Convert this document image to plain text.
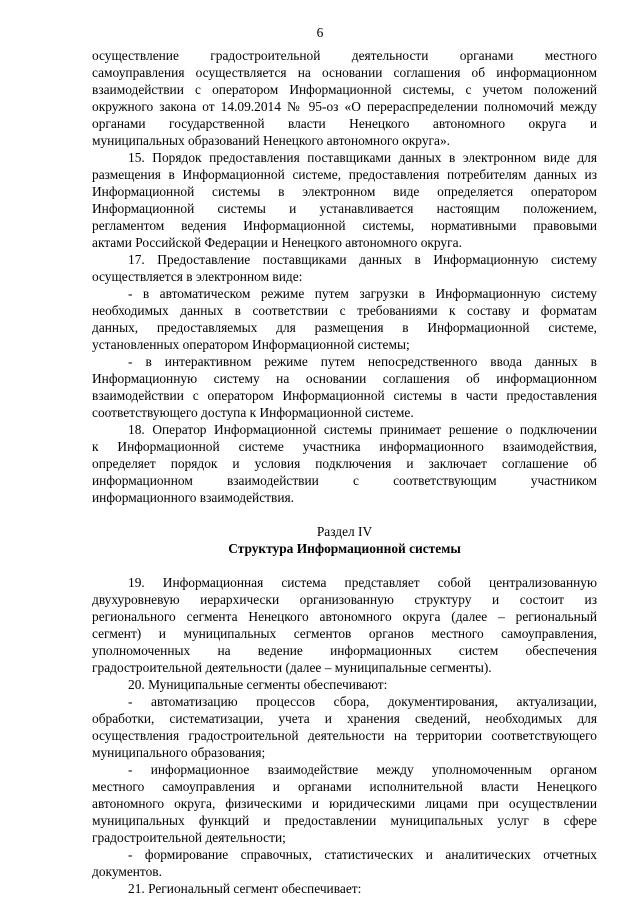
6

осуществление градостроительной деятельности органами местного

самоуправления осуществляется на основании соглашения об информационном

взаимодействии с оператором Информационной системы, с учетом положений

окружного закона от 14.09.2014 № 95-оз «О перераспределении полномочий между

органами государственной власти Ненецкого автономного округа и

муниципальных образований Ненецкого автономного округа».

15. Порядок предоставления поставщиками данных в электронном виде для

размещения в Информационной системе, предоставления потребителям данных из

Информационной системы в электронном виде определяется оператором

Информационной системы и устанавливается настоящим положением,

регламентом ведения Информационной системы, нормативными правовыми

актами Российской Федерации и Ненецкого автономного округа.

17. Предоставление поставщиками данных в Информационную систему

осуществляется в электронном виде:

- в автоматическом режиме путем загрузки в Информационную систему

необходимых данных в соответствии с требованиями к составу и форматам

данных, предоставляемых для размещения в Информационной системе,

установленных оператором Информационной системы;

- в интерактивном режиме путем непосредственного ввода данных в

Информационную систему на основании соглашения об информационном

взаимодействии с оператором Информационной системы в части предоставления

соответствующего доступа к Информационной системе.

18. Оператор Информационной системы принимает решение о подключении

к Информационной системе участника информационного взаимодействия,

определяет порядок и условия подключения и заключает соглашение об

информационном взаимодействии с соответствующим участником

информационного взаимодействия.

Раздел IV

Структура Информационной системы

19. Информационная система представляет собой централизованную

двухуровневую иерархически организованную структуру и состоит из

регионального сегмента Ненецкого автономного округа (далее – региональный

сегмент) и муниципальных сегментов органов местного самоуправления,

уполномоченных на ведение информационных систем обеспечения

градостроительной деятельности (далее – муниципальные сегменты).

20. Муниципальные сегменты обеспечивают:

- автоматизацию процессов сбора, документирования, актуализации,

обработки, систематизации, учета и хранения сведений, необходимых для

осуществления градостроительной деятельности на территории соответствующего

муниципального образования;

- информационное взаимодействие между уполномоченным органом

местного самоуправления и органами исполнительной власти Ненецкого

автономного округа, физическими и юридическими лицами при осуществлении

муниципальных функций и предоставлении муниципальных услуг в сфере

градостроительной деятельности;

- формирование справочных, статистических и аналитических отчетных

документов.

21. Региональный сегмент обеспечивает:
